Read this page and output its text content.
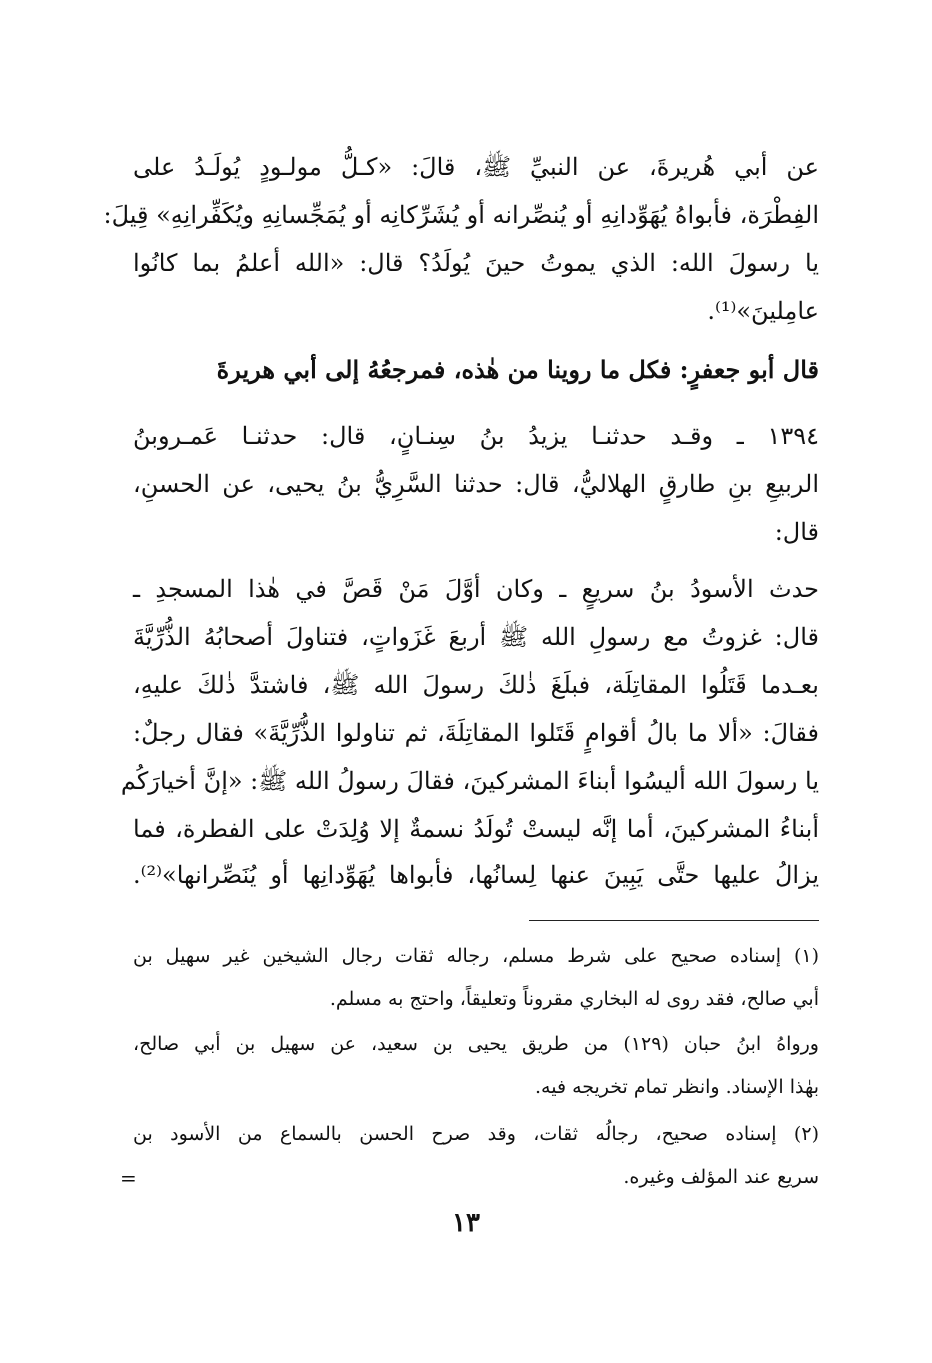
عن أبي هُريرةَ، عن النبيِّ ﷺ، قالَ: «كـلُّ مولـودٍ يُولَـدُ على
الفِطْرَة، فأبواهُ يُهَوِّدانِهِ أو يُنصِّرانه أو يُشَرِّكانِه أو يُمَجِّسانِهِ ويُكَفِّرانِهِ» قِيلَ:
يا رسولَ الله: الذي يموتُ حينَ يُولَدُ؟ قال: «الله أعلمُ بما كانُوا
عامِلينَ»⁽¹⁾.
قال أبو جعفرٍ: فكل ما روينا من هٰذه، فمرجعُهُ إلى أبي هريرةَ
١٣٩٤ ـ وقـد حدثنـا يزيدُ بنُ سِنـانٍ، قال: حدثنـا عَمـروبنُ
الربيعِ بنِ طارقٍ الهلاليُّ، قال: حدثنا السَّرِيُّ بنُ يحيى، عن الحسنِ،
قال:
حدث الأسودُ بنُ سريعٍ ـ وكان أوَّلَ مَنْ قَصَّ في هٰذا المسجدِ ـ
قال: غزوتُ مع رسولِ الله ﷺ أربعَ غَزَواتٍ، فتناولَ أصحابُهُ الذُّرِّيَّةَ
بعـدما قَتَلُوا المقاتِلَة، فبلَغَ ذٰلكَ رسولَ الله ﷺ، فاشتدَّ ذٰلكَ عليهِ،
فقالَ: «ألا ما بالُ أقوامٍ قَتَلوا المقاتِلَةَ، ثم تناولوا الذُّرِّيَّةَ» فقال رجلٌ:
يا رسولَ الله أليسُوا أبناءَ المشركينَ، فقالَ رسولُ الله ﷺ: «إنَّ أخيارَكُم
أبناءُ المشركينَ، أما إنَّه ليستْ تُولَدُ نسمةٌ إلا وُلِدَتْ على الفطرة، فما
يزالُ عليها حتَّى يَبِينَ عنها لِسانُها، فأبواها يُهَوِّدانِها أو يُنَصِّرانها»⁽²⁾.
(١) إسناده صحيح على شرط مسلم، رجاله ثقات رجال الشيخين غير سهيل بن
أبي صالح، فقد روى له البخاري مقروناً وتعليقاً، واحتج به مسلم.
ورواهُ ابنُ حبان (١٢٩) من طريق يحيى بن سعيد، عن سهيل بن أبي صالح،
بهٰذا الإسناد. وانظر تمام تخريجه فيه.
(٢) إسناده صحيح، رجالُه ثقات، وقد صرح الحسن بالسماع من الأسود بن
سريع عند المؤلف وغيره.
=
١٣
